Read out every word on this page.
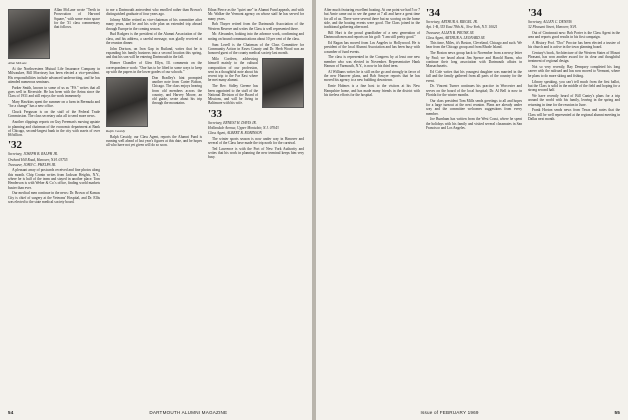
Allan McLane wrote "Teeth in Prosecution of Harvard Square," with some extra space for the '31 class commentary that follows.

Allan McLane

At the Northwestern Mutual Life Insurance Company in Milwaukee, Bill Morrissey has been elected a vice-president. His responsibilities include advanced underwriting, and he has attended numerous seminars.

Parker Smith, known to some of us as "P.S." writes that all goes well in Riverside. He has been with the Aetna since the Class of 1931 and still enjoys the work immensely.

Mary Hawkins spent the summer on a farm in Bermuda and "for a change" has a new office.

Chuck Ferguson is on the staff of the Federal Trade Commission. The class secretary asks all to send more news.

Another clippings reports on Guy Freeman's moving upstate to planning and chairman of the economic department at Bank of Chicago, second-largest bank in the city with assets of over $6 billion.

'32
Secretary, JOSEPH B. RALPH JR.
Orchard Hill Road, Hanover, N.H. 03755
Treasurer, JOHN C. PHELPS JR.

A pleasant array of postcards received and fine photos along this month. Chip Cronin writes from Jackson Heights, N.Y., where he is half of the team and stayed in another place. Tom Henderson is with Weber & Co.'s office, finding world markets busier than ever.

Our medical men continue in the news: Dr. Brown of Kansas City is chief of surgery at the Veterans' Hospital, and Dr. Ellis was elected to the state medical society board.

to me a Dartmouth antecedent who enrolled rather than Brown's distinguished graduate of four years ago.

Johnny Miller retired as vice-chairman of his committee after many years, and he and his wife plan an extended trip abroad through Europe in the coming season.

Bud Rodgers is the president of the Alumni Association of the class, and his address, a careful message, was gladly received at the reunion dinner.

John Dorison, on Iron Gap in Rutland, writes that he is expanding his family business into a second location this spring, and that his son will be entering Dartmouth in the fall.

Homer Chandler of Glen Ellyn, Ill. comments on the correspondence work: "One has to be lifted in some ways to keep up with the papers in the lower grades of our schools."

Don Bradley's hint prompted another note from Carter Bolton, Chicago. The class enjoys hearing from old members across the country, and Harvey Moore, an old guide, wrote about his trip through the mountains.

Ralph Cassidy

Ralph Cassidy, our Class Agent, reports the Alumni Fund is running well ahead of last year's figures at this date, and he hopes all who have not yet given will do so soon.

Ethan Pierce as the "quiet one" in Alumni Fund appeals, and with Mr. Walker the Vermont agency on whose staff he has served for many years.

Bob Thayer retired from the Dartmouth Association of the Western Reserve and writes the Class is well represented there.

Mr. Alexander, looking into the advance work, confirming and noting on bound communications about 10 per cent of the class.

Sam Lovell is the Chairman of the Class Committee for Community Action in Essex County and Dr. Herb Wood was an honored guest of the county medical society last month.

Milo Cordeen, addressing himself mainly to the cultural composition of our profession, sent in a thoughtful note about his recent trip to the Far East where he met many alumni.

The Rev. Sidley Greene has been appointed to the staff of the National Division of the Board of Missions, and will be living in Baltimore with his wife.

'33
Secretary, ERNEST H. DAVIS JR.
Hollandale Avenue, Upper Montclair, N.J. 07043
Class Agent, ALBERT B. ROBINSON

The winter sports season is now under way in Hanover and several of the Class have made the trip north for the carnival.

Ted Lawrence is with the Port of New York Authority and writes that his work in planning the new terminal keeps him very busy.

54	DARTMOUTH ALUMNI MAGAZINE

After much featuring excellent boating. At one point we had 5 or 7 but Arnie came out to see the game at 7 all and have a great time for all of us. There were several there but no scoring on the home side, and the boating events were good. The Class joined in the traditional gathering afterward.

Bill Hart is the proud grandfather of a new generation of Dartmouth men and reports on his golf: "I am still pretty good."

Ed Ragan has moved from Los Angeles to Hollywood. He is president of the local Alumni Association and has been busy with a number of fund events.

The class is represented in the Congress by at least one new member who was elected in November. Representative Hank Hanson of Yarmouth, N.Y., is now in his third term.

Al Williams writes he is still on the go and strongly in favor of the new Hanover plans, and Bob Sawyer reports that he has moved his agency to a new building downtown.

Ernie Holmes is a fine host to the visitors at his New Hampshire home, and has made many friends in the district with his tireless efforts for the hospital.

'34
Secretary, ARTHUR A. RIEGEL JR.
Apt. 1-B, 353 East 78th St., New York, N.Y. 10021
Treasurer, ALLEN B. PRUNK JR.
Class Agent, ARTHUR A. LEONARD JR.

This time, Miles, it's Boston, Cleveland, Chicago and such. We hear from the Chicago group and from Rhode Island.

The Boston news group back to November from a newsy letter by Paul; we heard about Jim Spence and Harold Burns, who continue their long association with Dartmouth affairs in Massachusetts.

Ed Cole writes that his youngest daughter was married in the fall and the family gathered from all parts of the country for the event.

Dr. Vincent Turner continues his practice in Worcester and serves on the board of the local hospital; Dr. Al Bell is now in Florida for the winter months.

Our class president Tom Mills sends greetings to all and hopes for a large turnout at the next reunion. Plans are already under way and the committee welcomes suggestions from every member.

Joe Burnham has written from the West Coast, where he spent the holidays with his family and visited several classmates in San Francisco and Los Angeles.

'34
Secretary, ALLEN C. DENNIS
32 Pleasant Street, Hanover, N.H.

Out of Cincinnati now: Bob Porter is the Class Agent in the area and reports good results in his first campaign.

A History Prof. "Doc" Proctor has been elected a trustee of his church and is active in the town planning board.

Century's book, Architecture of the Western States of Mount Pleasant, has won another award for its clear and thoughtful treatment of regional design.

Not so very recently, Ray Dempsey completed his long career with the railroad and has now moved to Vermont, where he plans to do more skiing and fishing.

Library speaking, you can't tell much from the first ballot, but the Class is solid in the middle of the field and hoping for a strong second half.

We have recently heard of Bill Cantry's plans for a trip around the world with his family, leaving in the spring and returning in time for the reunion in June.

Frank Horton sends news from Texas and notes that the Class will be well represented at the regional alumni meeting in Dallas next month.

Issue of FEBRUARY 1969	55
